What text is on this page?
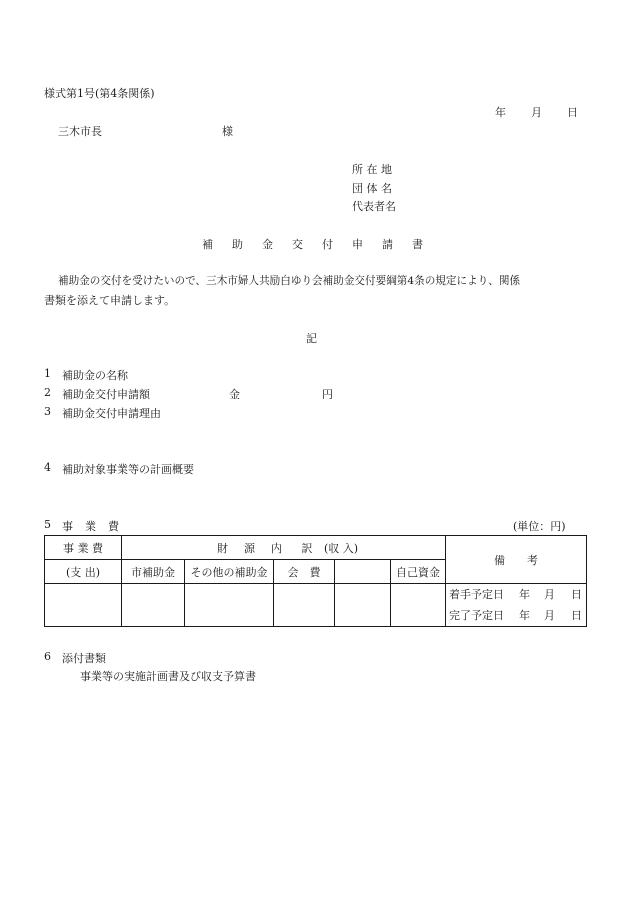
様式第1号(第4条関係)
年 月 日
三木市長	様
所 在 地
団 体 名
代表者名
補 助 金 交 付 申 請 書
補助金の交付を受けたいので、三木市婦人共励白ゆり会補助金交付要綱第4条の規定により、関係
書類を添えて申請します。
記
1 補助金の名称
2 補助金交付申請額	金	円
3 補助金交付申請理由
4 補助対象事業等の計画概要
5 事 業 費	(単位：円)
事 業 費	財 源 内 訳 (収 入)					備　　考
(支 出)	市補助金	その他の補助金	会　費		自己資金	

						着手予定日 年 月 日
完了予定日 年 月 日
6 添付書類
事業等の実施計画書及び収支予算書
